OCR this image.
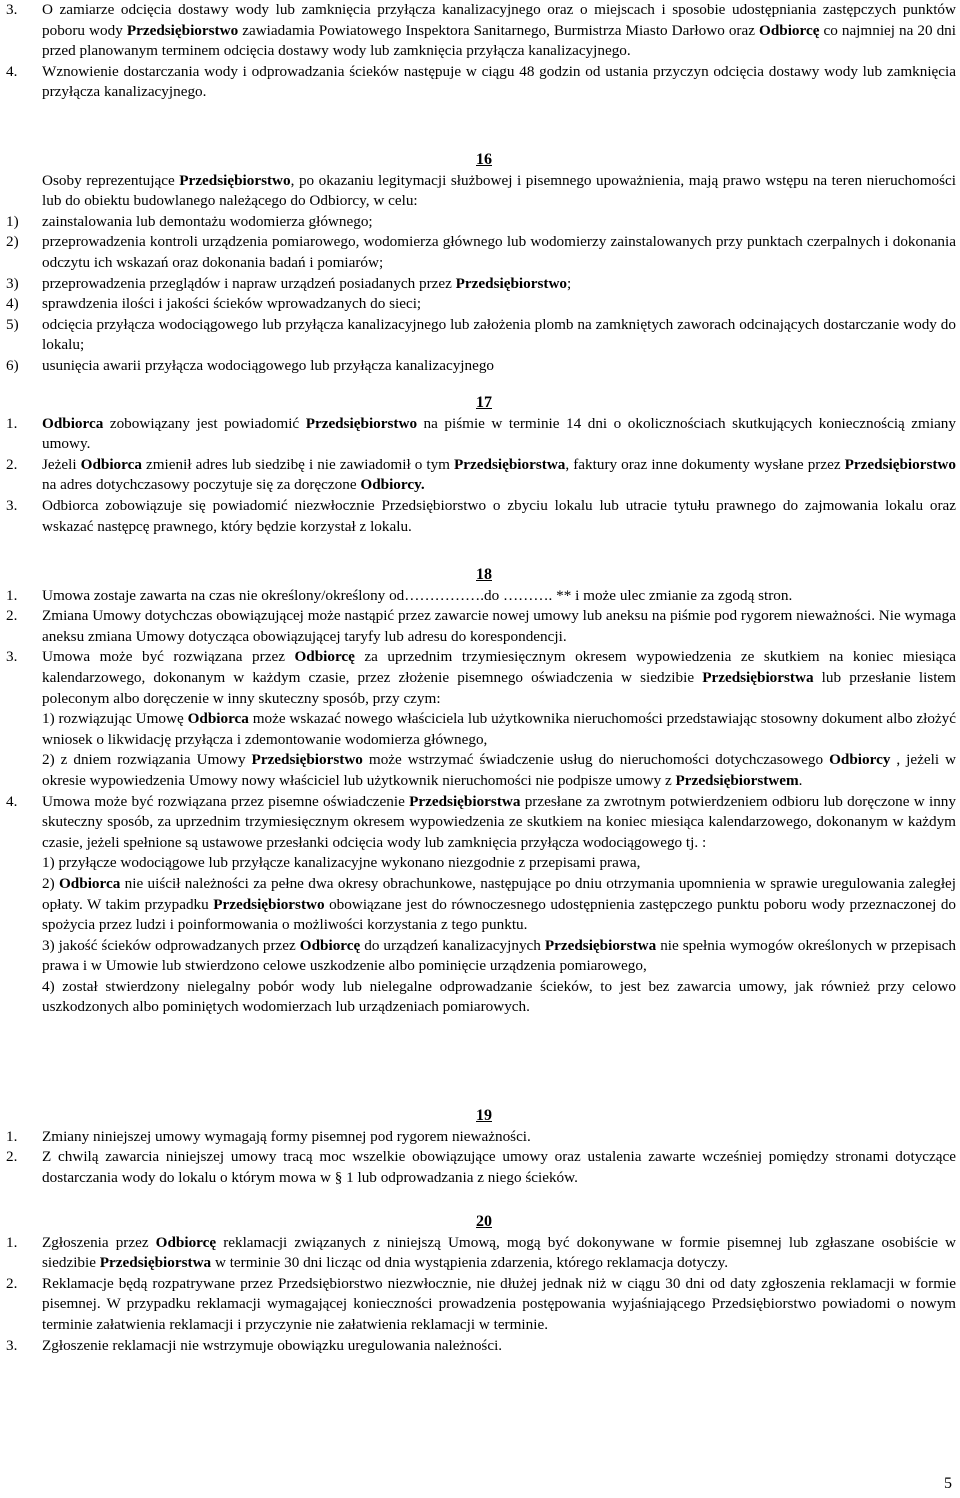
3. O zamiarze odcięcia dostawy wody lub zamknięcia przyłącza kanalizacyjnego oraz o miejscach i sposobie udostępniania zastępczych punktów poboru wody Przedsiębiorstwo zawiadamia Powiatowego Inspektora Sanitarnego, Burmistrza Miasto Darłowo oraz Odbiorcę co najmniej na 20 dni przed planowanym terminem odcięcia dostawy wody lub zamknięcia przyłącza kanalizacyjnego.
4. Wznowienie dostarczania wody i odprowadzania ścieków następuje w ciągu 48 godzin od ustania przyczyn odcięcia dostawy wody lub zamknięcia przyłącza kanalizacyjnego.
16
Osoby reprezentujące Przedsiębiorstwo, po okazaniu legitymacji służbowej i pisemnego upoważnienia, mają prawo wstępu na teren nieruchomości lub do obiektu budowlanego należącego do Odbiorcy, w celu:
1) zainstalowania lub demontażu wodomierza głównego;
2) przeprowadzenia kontroli urządzenia pomiarowego, wodomierza głównego lub wodomierzy zainstalowanych przy punktach czerpalnych i dokonania odczytu ich wskazań oraz dokonania badań i pomiarów;
3) przeprowadzenia przeglądów i napraw urządzeń posiadanych przez Przedsiębiorstwo;
4) sprawdzenia ilości i jakości ścieków wprowadzanych do sieci;
5) odcięcia przyłącza wodociągowego lub przyłącza kanalizacyjnego lub założenia plomb na zamkniętych zaworach odcinających dostarczanie wody do lokalu;
6) usunięcia awarii przyłącza wodociągowego lub przyłącza kanalizacyjnego
17
1. Odbiorca zobowiązany jest powiadomić Przedsiębiorstwo na piśmie w terminie 14 dni o okolicznościach skutkujących koniecznością zmiany umowy.
2. Jeżeli Odbiorca zmienił adres lub siedzibę i nie zawiadomił o tym Przedsiębiorstwa, faktury oraz inne dokumenty wysłane przez Przedsiębiorstwo na adres dotychczasowy poczytuje się za doręczone Odbiorcy.
3. Odbiorca zobowiązuje się powiadomić niezwłocznie Przedsiębiorstwo o zbyciu lokalu lub utracie tytułu prawnego do zajmowania lokalu oraz wskazać następcę prawnego, który będzie korzystał z lokalu.
18
1. Umowa zostaje zawarta na czas nie określony/określony od…………….do ………. ** i może ulec zmianie za zgodą stron.
2. Zmiana Umowy dotychczas obowiązującej może nastąpić przez zawarcie nowej umowy lub aneksu na piśmie pod rygorem nieważności. Nie wymaga aneksu zmiana Umowy dotycząca obowiązującej taryfy lub adresu do korespondencji.
3. Umowa może być rozwiązana przez Odbiorcę za uprzednim trzymiesięcznym okresem wypowiedzenia ze skutkiem na koniec miesiąca kalendarzowego, dokonanym w każdym czasie, przez złożenie pisemnego oświadczenia w siedzibie Przedsiębiorstwa lub przesłanie listem poleconym albo doręczenie w inny skuteczny sposób, przy czym:
1) rozwiązując Umowę Odbiorca może wskazać nowego właściciela lub użytkownika nieruchomości przedstawiając stosowny dokument albo złożyć wniosek o likwidację przyłącza i zdemontowanie wodomierza głównego,
2) z dniem rozwiązania Umowy Przedsiębiorstwo może wstrzymać świadczenie usług do nieruchomości dotychczasowego Odbiorcy , jeżeli w okresie wypowiedzenia Umowy nowy właściciel lub użytkownik nieruchomości nie podpisze umowy z Przedsiębiorstwem.
4. Umowa może być rozwiązana przez pisemne oświadczenie Przedsiębiorstwa przesłane za zwrotnym potwierdzeniem odbioru lub doręczone w inny skuteczny sposób, za uprzednim trzymiesięcznym okresem wypowiedzenia ze skutkiem na koniec miesiąca kalendarzowego, dokonanym w każdym czasie, jeżeli spełnione są ustawowe przesłanki odcięcia wody lub zamknięcia przyłącza wodociągowego tj. :
1) przyłącze wodociągowe lub przyłącze kanalizacyjne wykonano niezgodnie z przepisami prawa,
2) Odbiorca nie uiścił należności za pełne dwa okresy obrachunkowe, następujące po dniu otrzymania upomnienia w sprawie uregulowania zaległej opłaty. W takim przypadku Przedsiębiorstwo obowiązane jest do równoczesnego udostępnienia zastępczego punktu poboru wody przeznaczonej do spożycia przez ludzi i poinformowania o możliwości korzystania z tego punktu.
3) jakość ścieków odprowadzanych przez Odbiorcę do urządzeń kanalizacyjnych Przedsiębiorstwa nie spełnia wymogów określonych w przepisach prawa i w Umowie lub stwierdzono celowe uszkodzenie albo pominięcie urządzenia pomiarowego,
4) został stwierdzony nielegalny pobór wody lub nielegalne odprowadzanie ścieków, to jest bez zawarcia umowy, jak również przy celowo uszkodzonych albo pominiętych wodomierzach lub urządzeniach pomiarowych.
19
1. Zmiany niniejszej umowy wymagają formy pisemnej pod rygorem nieważności.
2. Z chwilą zawarcia niniejszej umowy tracą moc wszelkie obowiązujące umowy oraz ustalenia zawarte wcześniej pomiędzy stronami dotyczące dostarczania wody do lokalu o którym mowa w § 1 lub odprowadzania z niego ścieków.
20
1. Zgłoszenia przez Odbiorcę reklamacji związanych z niniejszą Umową, mogą być dokonywane w formie pisemnej lub zgłaszane osobiście w siedzibie Przedsiębiorstwa w terminie 30 dni licząc od dnia wystąpienia zdarzenia, którego reklamacja dotyczy.
2. Reklamacje będą rozpatrywane przez Przedsiębiorstwo niezwłocznie, nie dłużej jednak niż w ciągu 30 dni od daty zgłoszenia reklamacji w formie pisemnej. W przypadku reklamacji wymagającej konieczności prowadzenia postępowania wyjaśniającego Przedsiębiorstwo powiadomi o nowym terminie załatwienia reklamacji i przyczynie nie załatwienia reklamacji w terminie.
3. Zgłoszenie reklamacji nie wstrzymuje obowiązku uregulowania należności.
5
